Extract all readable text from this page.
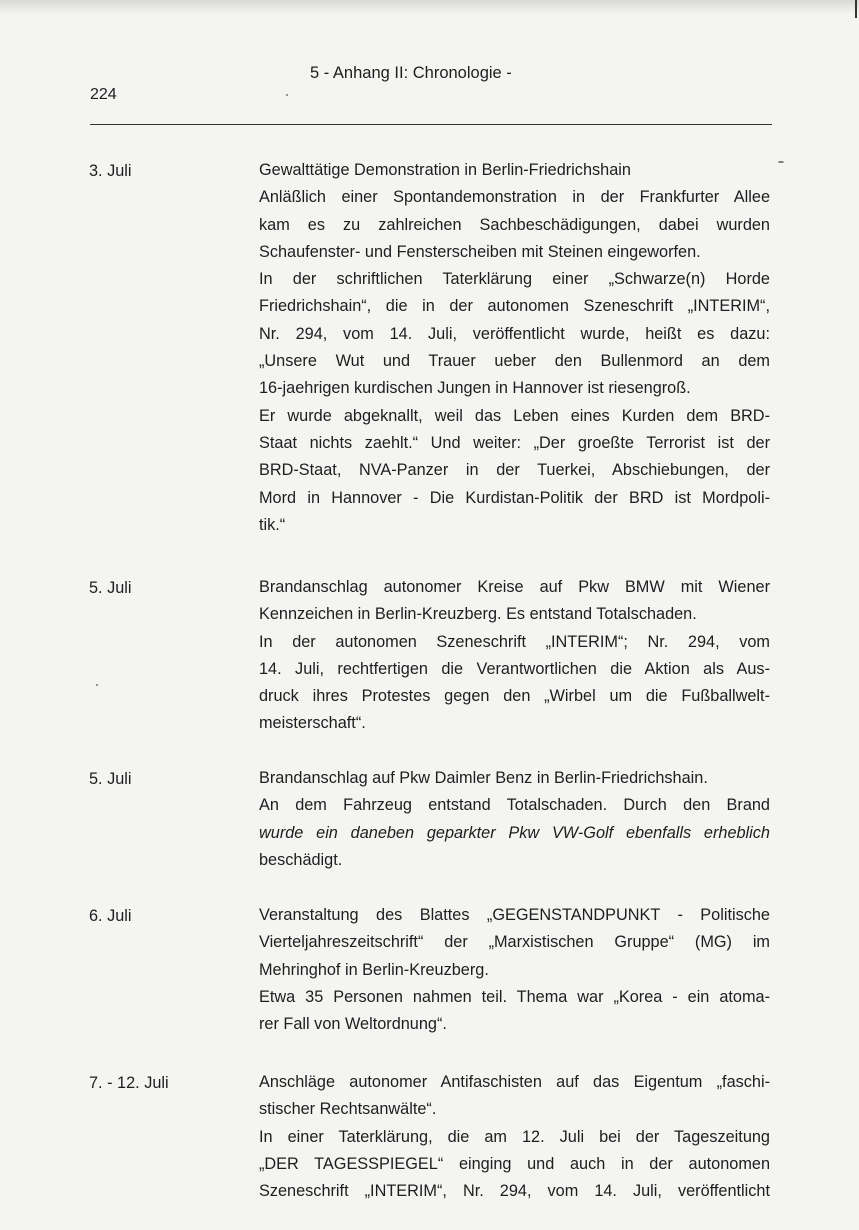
5 - Anhang II: Chronologie -
224
3. Juli	Gewalttätige Demonstration in Berlin-Friedrichshain
Anläßlich einer Spontandemonstration in der Frankfurter Allee
kam es zu zahlreichen Sachbeschädigungen, dabei wurden
Schaufenster- und Fensterscheiben mit Steinen eingeworfen.
In der schriftlichen Taterklärung einer „Schwarze(n) Horde
Friedrichshain“, die in der autonomen Szeneschrift „INTERIM“,
Nr. 294, vom 14. Juli, veröffentlicht wurde, heißt es dazu:
„Unsere Wut und Trauer ueber den Bullenmord an dem
16-jaehrigen kurdischen Jungen in Hannover ist riesengroß.
Er wurde abgeknallt, weil das Leben eines Kurden dem BRD-
Staat nichts zaehlt.“ Und weiter: „Der groeßte Terrorist ist der
BRD-Staat, NVA-Panzer in der Tuerkei, Abschiebungen, der
Mord in Hannover - Die Kurdistan-Politik der BRD ist Mordpoli-
tik.“
5. Juli	Brandanschlag autonomer Kreise auf Pkw BMW mit Wiener
Kennzeichen in Berlin-Kreuzberg. Es entstand Totalschaden.
In der autonomen Szeneschrift „INTERIM“; Nr. 294, vom
14. Juli, rechtfertigen die Verantwortlichen die Aktion als Aus-
druck ihres Protestes gegen den „Wirbel um die Fußballwelt-
meisterschaft“.
5. Juli	Brandanschlag auf Pkw Daimler Benz in Berlin-Friedrichshain.
An dem Fahrzeug entstand Totalschaden. Durch den Brand
wurde ein daneben geparkter Pkw VW-Golf ebenfalls erheblich
beschädigt.
6. Juli	Veranstaltung des Blattes „GEGENSTANDPUNKT - Politische
Vierteljahreszeitschrift“ der „Marxistischen Gruppe“ (MG) im
Mehringhof in Berlin-Kreuzberg.
Etwa 35 Personen nahmen teil. Thema war „Korea - ein atoma-
rer Fall von Weltordnung“.
7. - 12. Juli	Anschläge autonomer Antifaschisten auf das Eigentum „faschi-
stischer Rechtsanwälte“.
In einer Taterklärung, die am 12. Juli bei der Tageszeitung
„DER TAGESSPIEGEL“ einging und auch in der autonomen
Szeneschrift „INTERIM“, Nr. 294, vom 14. Juli, veröffentlicht
